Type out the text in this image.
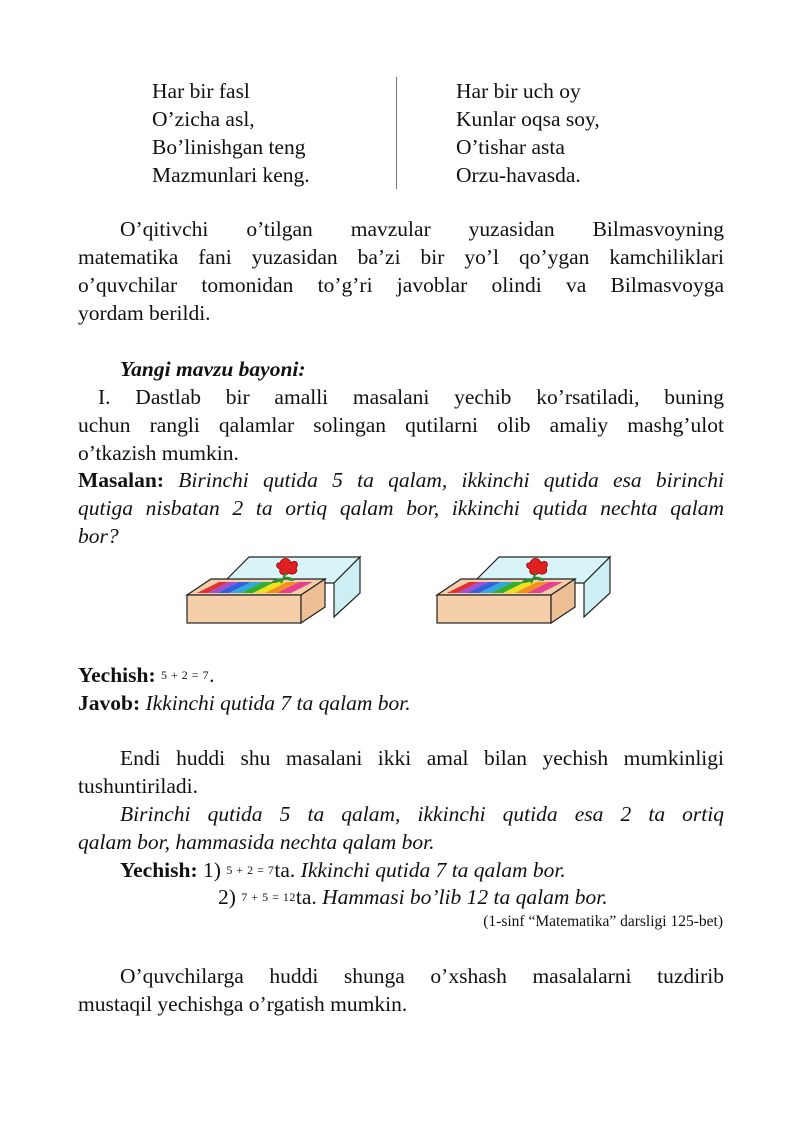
Har bir fasl
O’zicha asl,
Bo’linishgan teng
Mazmunlari keng.
Har bir uch oy
Kunlar oqsa soy,
O’tishar asta
Orzu-havasda.
O’qitivchi o’tilgan mavzular yuzasidan Bilmasvoyning
matematika fani yuzasidan ba’zi bir yo’l qo’ygan kamchiliklari
o’quvchilar tomonidan to’g’ri javoblar olindi va Bilmasvoyga
yordam berildi.
Yangi mavzu bayoni:
I. Dastlab bir amalli masalani yechib ko’rsatiladi, buning
uchun rangli qalamlar solingan qutilarni olib amaliy mashg’ulot
o’tkazish mumkin.
Masalan: Birinchi qutida 5 ta qalam, ikkinchi qutida esa birinchi
qutiga nisbatan 2 ta ortiq qalam bor, ikkinchi qutida nechta qalam
bor?
Yechish: 5 + 2 = 7.
Javob: Ikkinchi qutida 7 ta qalam bor.
Endi huddi shu masalani ikki amal bilan yechish mumkinligi
tushuntiriladi.
Birinchi qutida 5 ta qalam, ikkinchi qutida esa 2 ta ortiq
qalam bor, hammasida nechta qalam bor.
Yechish: 1) 5 + 2 = 7ta. Ikkinchi qutida 7 ta qalam bor.
2) 7 + 5 = 12ta. Hammasi bo’lib 12 ta qalam bor.
(1-sinf “Matematika” darsligi 125-bet)
O’quvchilarga huddi shunga o’xshash masalalarni tuzdirib
mustaqil yechishga o’rgatish mumkin.
